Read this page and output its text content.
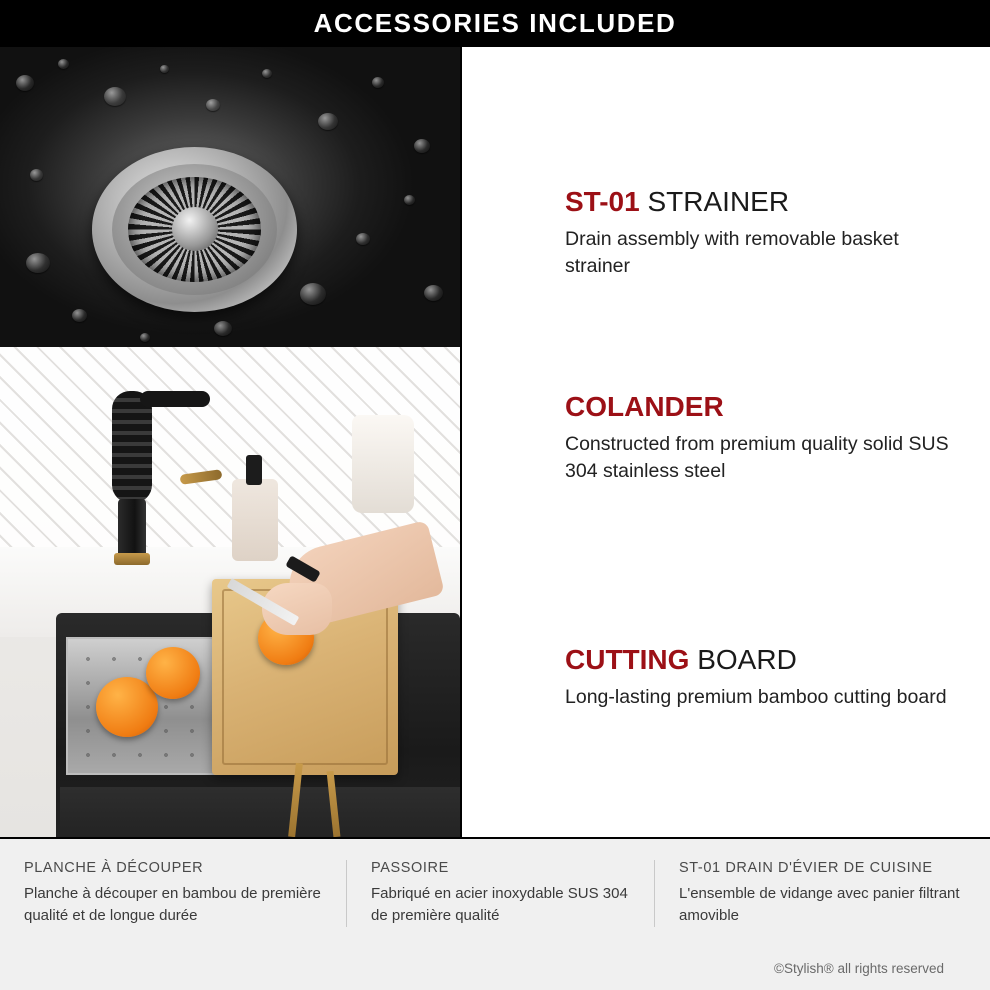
ACCESSORIES INCLUDED
ST-01 STRAINER

Drain assembly with removable basket strainer

COLANDER

Constructed from premium quality solid SUS 304 stainless steel

CUTTING BOARD

Long-lasting premium bamboo cutting board

PLANCHE À DÉCOUPER

Planche à découper en bambou de première qualité et de longue durée

PASSOIRE

Fabriqué en acier inoxydable SUS 304 de première qualité

ST-01 DRAIN D'ÉVIER DE CUISINE

L'ensemble de vidange avec panier filtrant amovible

©Stylish® all rights reserved
